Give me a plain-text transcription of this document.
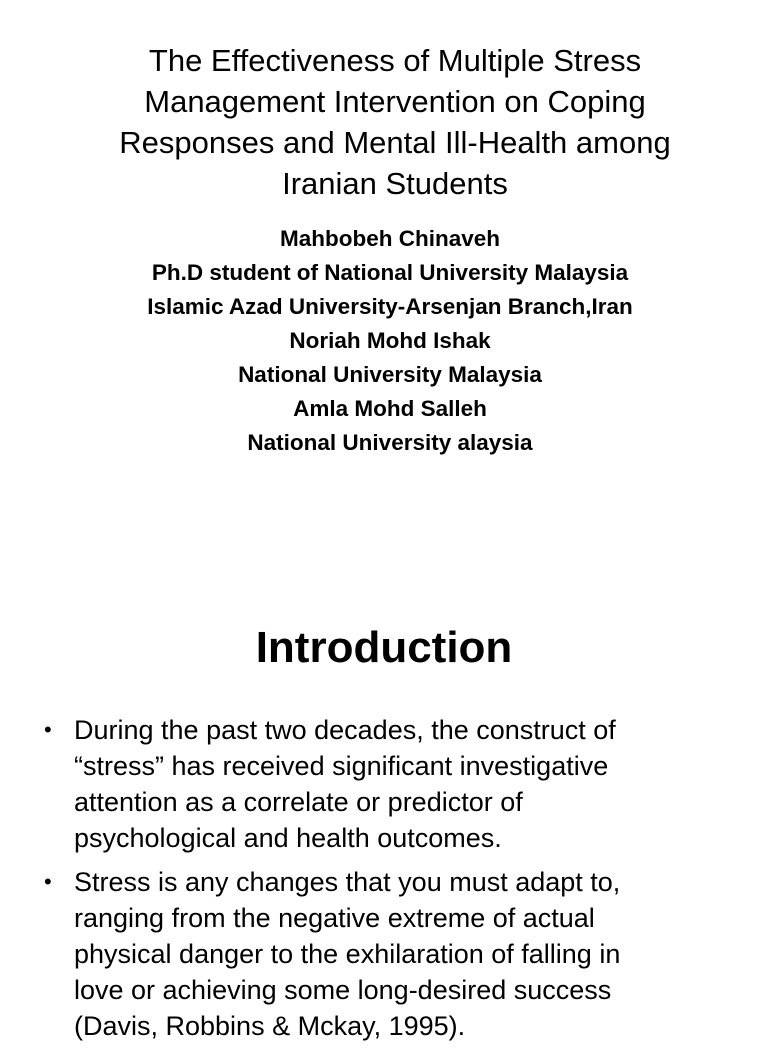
The Effectiveness of Multiple Stress
Management Intervention on Coping
Responses and Mental Ill-Health among
Iranian Students
Mahbobeh Chinaveh
Ph.D student of National University Malaysia
Islamic Azad University-Arsenjan Branch,Iran
Noriah Mohd Ishak
National University Malaysia
Amla Mohd Salleh
National University alaysia
Introduction
• During the past two decades, the construct of
“stress” has received significant investigative
attention as a correlate or predictor of
psychological and health outcomes.
• Stress is any changes that you must adapt to,
ranging from the negative extreme of actual
physical danger to the exhilaration of falling in
love or achieving some long-desired success
(Davis, Robbins & Mckay, 1995).
